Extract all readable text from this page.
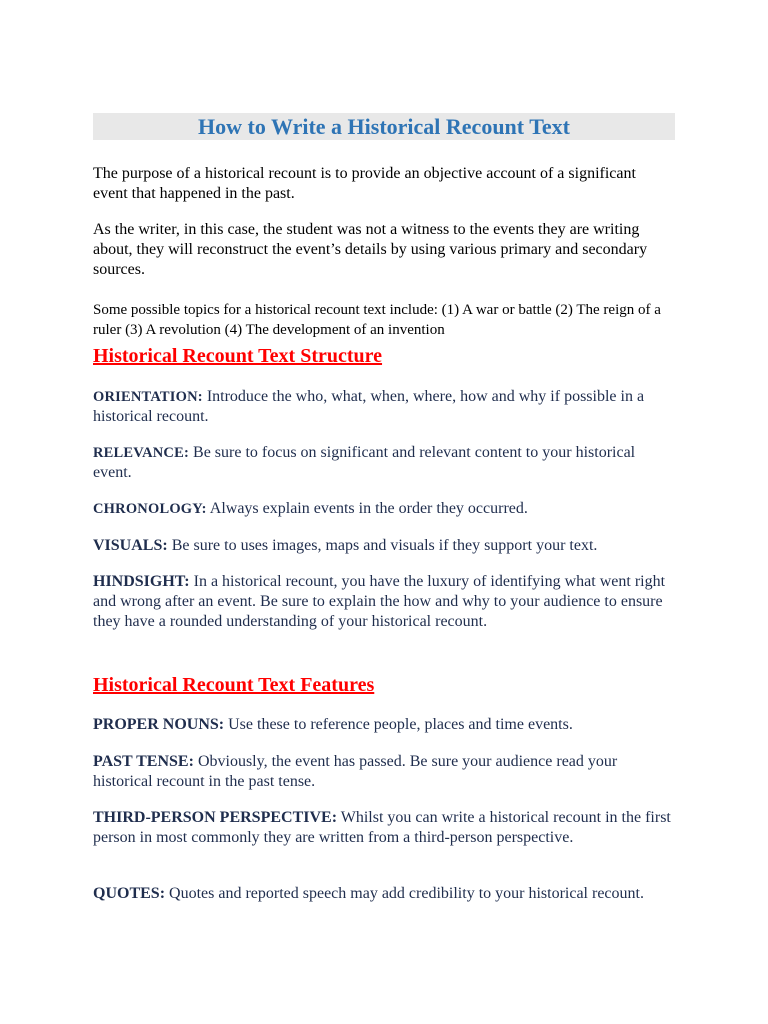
How to Write a Historical Recount Text

The purpose of a historical recount is to provide an objective account of a significant event that happened in the past.

As the writer, in this case, the student was not a witness to the events they are writing about, they will reconstruct the event’s details by using various primary and secondary sources.

Some possible topics for a historical recount text include: (1) A war or battle (2) The reign of a ruler (3) A revolution (4) The development of an invention

Historical Recount Text Structure

ORIENTATION: Introduce the who, what, when, where, how and why if possible in a historical recount.

RELEVANCE: Be sure to focus on significant and relevant content to your historical event.

CHRONOLOGY: Always explain events in the order they occurred.

VISUALS: Be sure to uses images, maps and visuals if they support your text.

HINDSIGHT: In a historical recount, you have the luxury of identifying what went right and wrong after an event. Be sure to explain the how and why to your audience to ensure they have a rounded understanding of your historical recount.

Historical Recount Text Features

PROPER NOUNS: Use these to reference people, places and time events.

PAST TENSE: Obviously, the event has passed. Be sure your audience read your historical recount in the past tense.

THIRD-PERSON PERSPECTIVE: Whilst you can write a historical recount in the first person in most commonly they are written from a third-person perspective.

QUOTES: Quotes and reported speech may add credibility to your historical recount.
